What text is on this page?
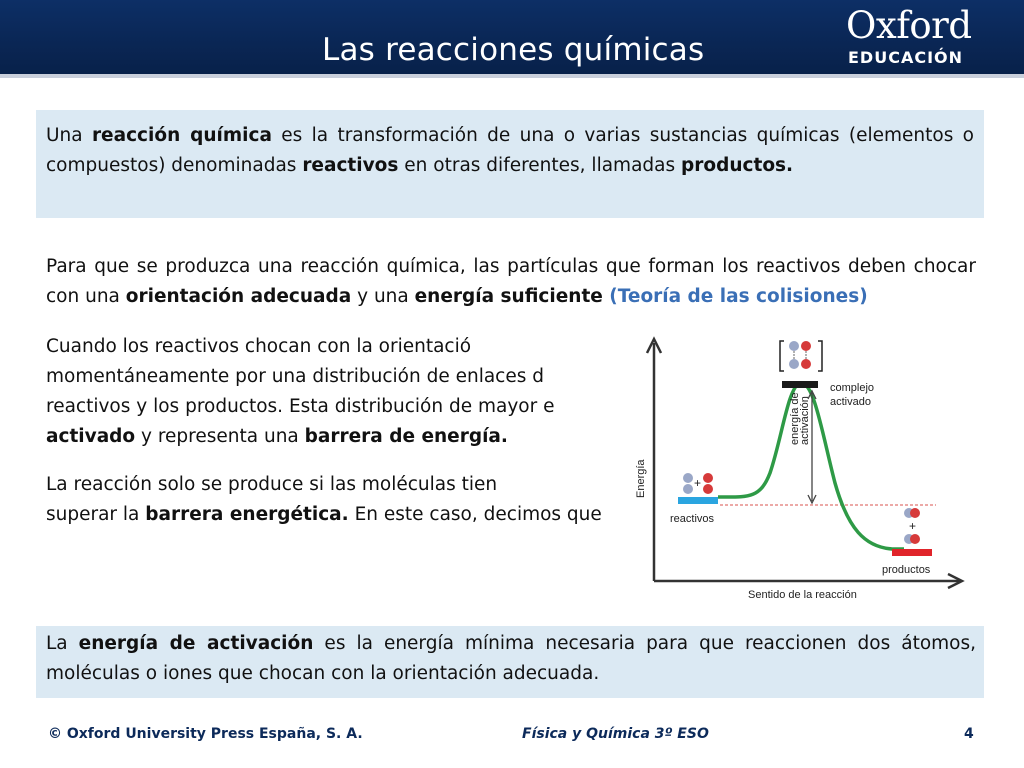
Las reacciones químicas
Oxford
EDUCACIÓN
Una reacción química es la transformación de una o varias sustancias químicas (elementos o compuestos) denominadas reactivos en otras diferentes, llamadas productos.
Para que se produzca una reacción química, las partículas que forman los reactivos deben chocar con una orientación adecuada y una energía suficiente (Teoría de las colisiones)
Cuando los reactivos chocan con la orientació
momentáneamente por una distribución de enlaces d
reactivos y los productos. Esta distribución de mayor e
activado y representa una barrera de energía.
La reacción solo se produce si las moléculas tien
superar la barrera energética. En este caso, decimos que
energía de
activación
complejo
activado
+
reactivos	+
productos
Energía
Sentido de la reacción
La energía de activación es la energía mínima necesaria para que reaccionen dos átomos, moléculas o iones que chocan con la orientación adecuada.
© Oxford University Press España, S. A.	Física y Química 3º ESO	4
